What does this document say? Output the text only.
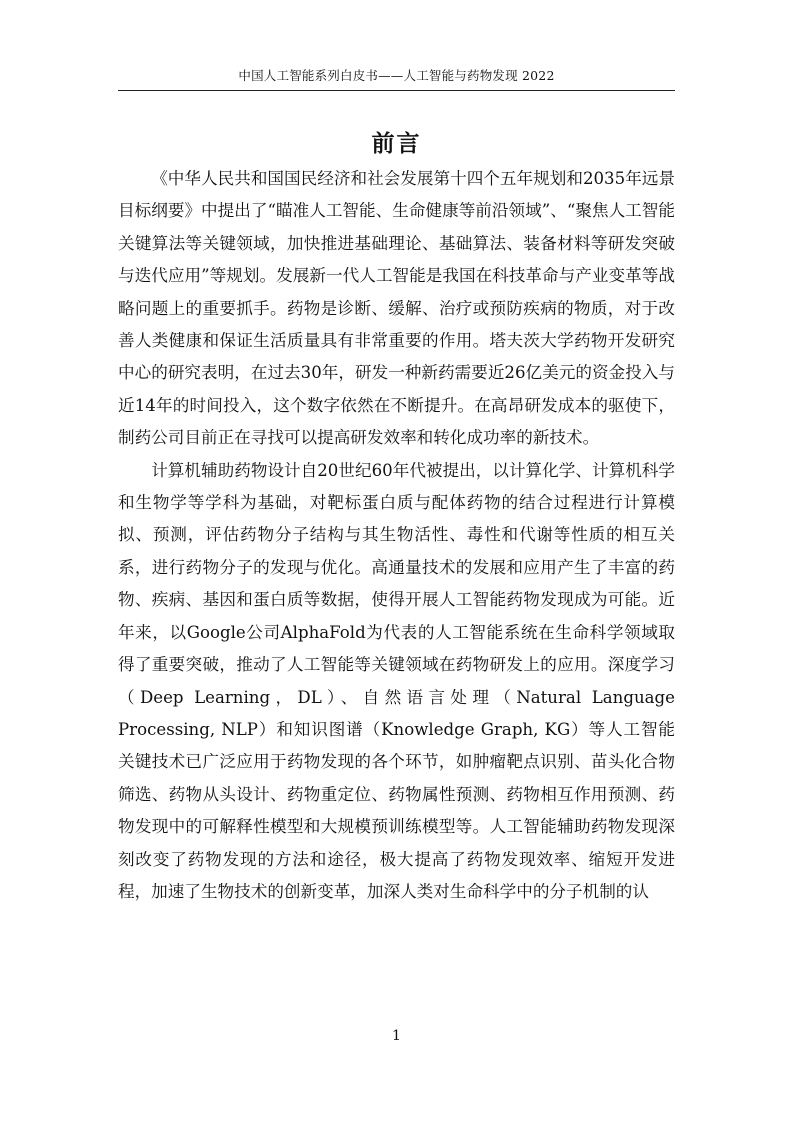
中国人工智能系列白皮书——人工智能与药物发现 2022
前言

《中华人民共和国国民经济和社会发展第十四个五年规划和2035年远景目标纲要》中提出了“瞄准人工智能、生命健康等前沿领域”、“聚焦人工智能关键算法等关键领域，加快推进基础理论、基础算法、装备材料等研发突破与迭代应用”等规划。发展新一代人工智能是我国在科技革命与产业变革等战略问题上的重要抓手。药物是诊断、缓解、治疗或预防疾病的物质，对于改善人类健康和保证生活质量具有非常重要的作用。塔夫茨大学药物开发研究中心的研究表明，在过去30年，研发一种新药需要近26亿美元的资金投入与近14年的时间投入，这个数字依然在不断提升。在高昂研发成本的驱使下，制药公司目前正在寻找可以提高研发效率和转化成功率的新技术。

计算机辅助药物设计自20世纪60年代被提出，以计算化学、计算机科学和生物学等学科为基础，对靶标蛋白质与配体药物的结合过程进行计算模拟、预测，评估药物分子结构与其生物活性、毒性和代谢等性质的相互关系，进行药物分子的发现与优化。高通量技术的发展和应用产生了丰富的药物、疾病、基因和蛋白质等数据，使得开展人工智能药物发现成为可能。近年来，以Google公司AlphaFold为代表的人工智能系统在生命科学领域取得了重要突破，推动了人工智能等关键领域在药物研发上的应用。深度学习（Deep Learning，DL）、自然语言处理（Natural Language Processing, NLP）和知识图谱（Knowledge Graph, KG）等人工智能关键技术已广泛应用于药物发现的各个环节，如肿瘤靶点识别、苗头化合物筛选、药物从头设计、药物重定位、药物属性预测、药物相互作用预测、药物发现中的可解释性模型和大规模预训练模型等。人工智能辅助药物发现深刻改变了药物发现的方法和途径，极大提高了药物发现效率、缩短开发进程，加速了生物技术的创新变革，加深人类对生命科学中的分子机制的认

1
